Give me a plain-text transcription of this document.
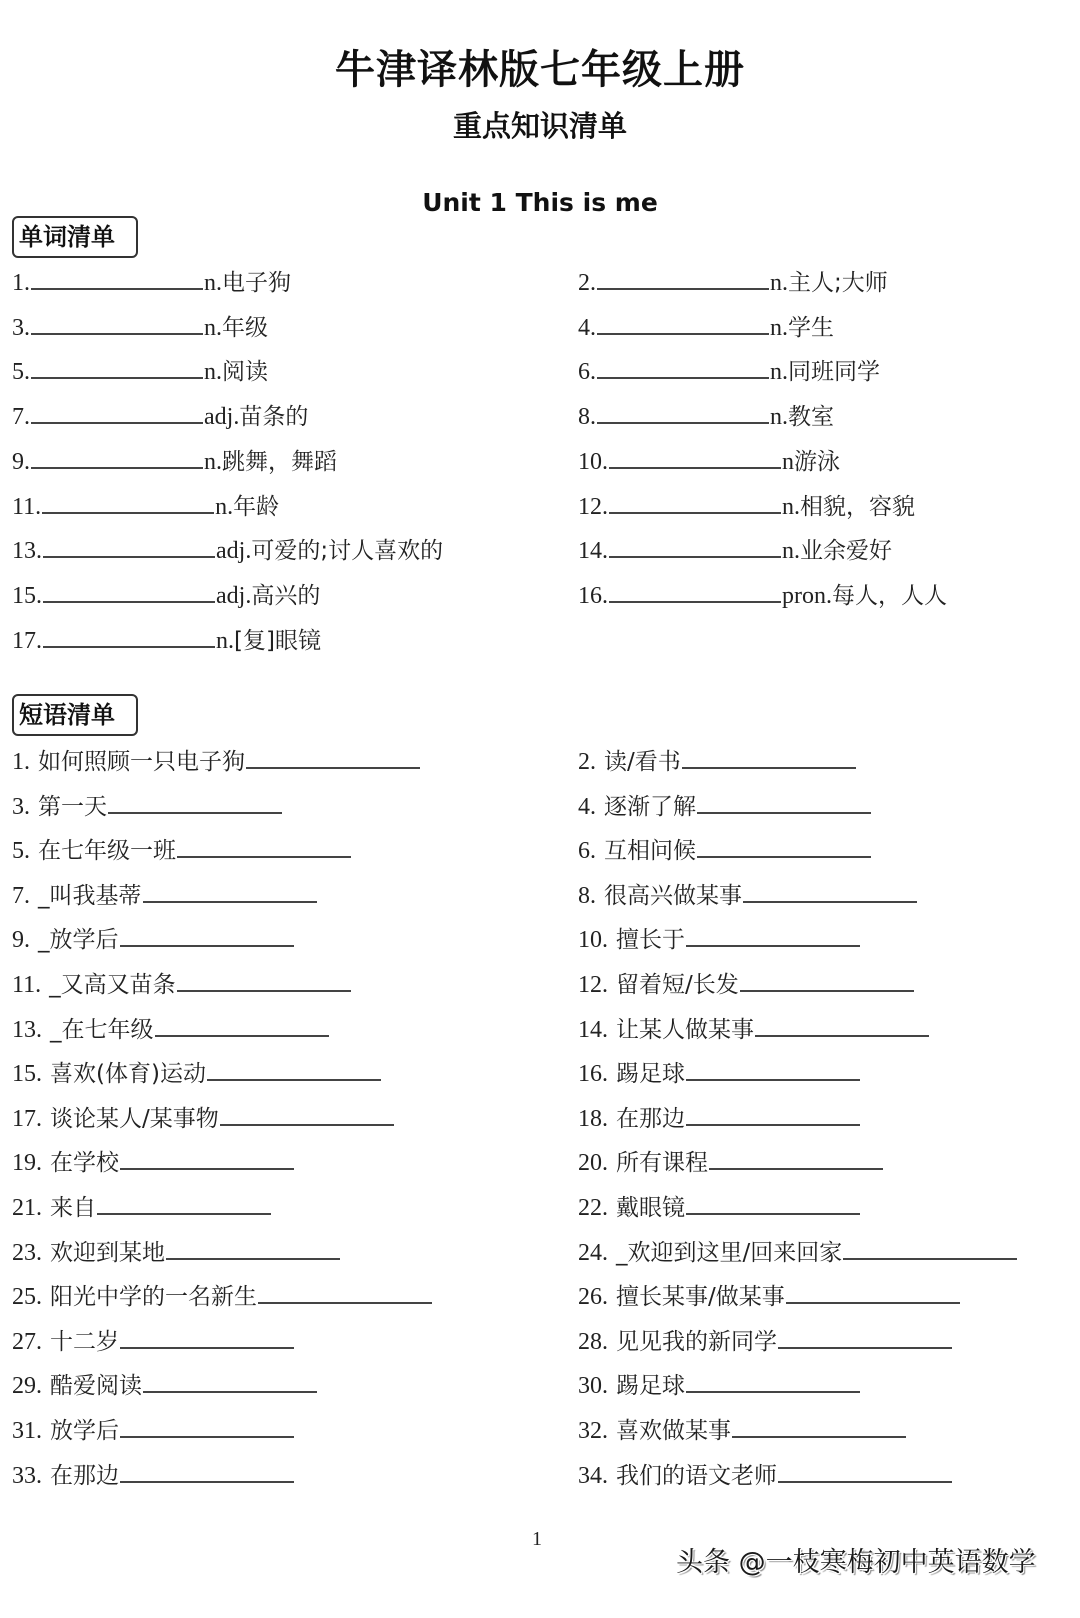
牛津译林版七年级上册
重点知识清单
Unit 1 This is me
单词清单
1.	n. 电子狗	2.	n. 主人;大师
3.	n. 年级	4.	n. 学生
5.	n. 阅读	6.	n. 同班同学
7.	adj. 苗条的	8.	n. 教室
9.	n. 跳舞，舞蹈	10.	n 游泳
11.	n. 年龄	12.	n. 相貌，容貌
13.	adj. 可爱的;讨人喜欢的	14.	n. 业余爱好
15.	adj. 高兴的	16.	pron. 每人，人人
17.	n. [复]眼镜
短语清单
1. 如何照顾一只电子狗	2. 读/看书
3. 第一天	4. 逐渐了解
5. 在七年级一班	6. 互相问候
7. _叫我基蒂	8. 很高兴做某事
9. _放学后	10. 擅长于
11. _又高又苗条	12. 留着短/长发
13. _在七年级	14. 让某人做某事
15. 喜欢(体育)运动	16. 踢足球
17. 谈论某人/某事物	18. 在那边
19. 在学校	20. 所有课程
21. 来自	22. 戴眼镜
23. 欢迎到某地	24. _欢迎到这里/回来回家
25. 阳光中学的一名新生	26. 擅长某事/做某事
27. 十二岁	28. 见见我的新同学
29. 酷爱阅读	30. 踢足球
31. 放学后	32. 喜欢做某事
33. 在那边	34. 我们的语文老师
1
头条 @一枝寒梅初中英语数学
